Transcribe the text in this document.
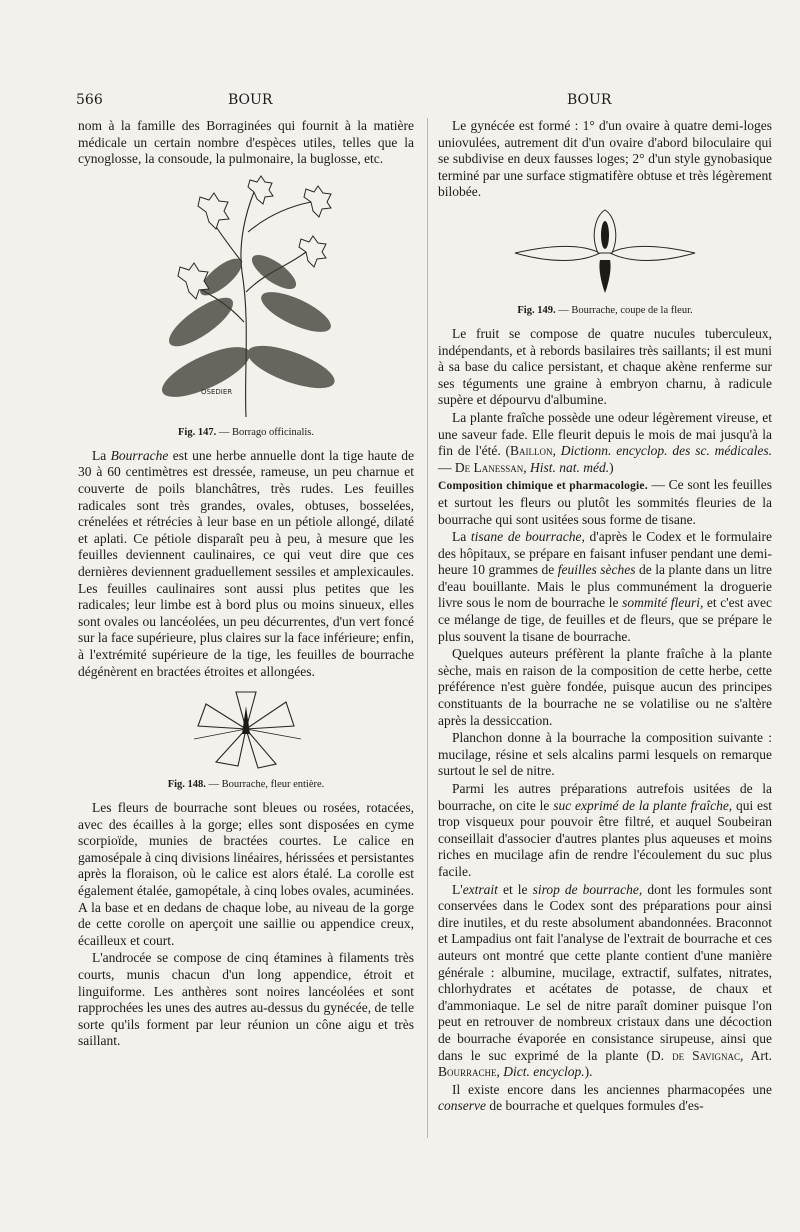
566	BOUR	BOUR

nom à la famille des Borraginées qui fournit à la matière médicale un certain nombre d'espèces utiles, telles que la cynoglosse, la consoude, la pulmonaire, la buglosse, etc.

OSEDIER
Fig. 147. — Borrago officinalis.

La Bourrache est une herbe annuelle dont la tige haute de 30 à 60 centimètres est dressée, rameuse, un peu charnue et couverte de poils blanchâtres, très rudes. Les feuilles radicales sont très grandes, ovales, obtuses, bosselées, crénelées et rétrécies à leur base en un pétiole allongé, dilaté et aplati. Ce pétiole disparaît peu à peu, à mesure que les feuilles deviennent caulinaires, ce qui veut dire que ces dernières deviennent graduellement sessiles et amplexicaules. Les feuilles caulinaires sont aussi plus petites que les radicales; leur limbe est à bord plus ou moins sinueux, elles sont ovales ou lancéolées, un peu décurrentes, d'un vert foncé sur la face supérieure, plus claires sur la face inférieure; enfin, à l'extrémité supérieure de la tige, les feuilles de bourrache dégénèrent en bractées étroites et allongées.

Fig. 148. — Bourrache, fleur entière.

Les fleurs de bourrache sont bleues ou rosées, rotacées, avec des écailles à la gorge; elles sont disposées en cyme scorpioïde, munies de bractées courtes. Le calice en gamosépale à cinq divisions linéaires, hérissées et persistantes après la floraison, où le calice est alors étalé. La corolle est également étalée, gamopétale, à cinq lobes ovales, acuminées. A la base et en dedans de chaque lobe, au niveau de la gorge de cette corolle on aperçoit une saillie ou appendice creux, écailleux et court.

L'androcée se compose de cinq étamines à filaments très courts, munis chacun d'un long appendice, étroit et linguiforme. Les anthères sont noires lancéolées et sont rapprochées les unes des autres au-dessus du gynécée, de telle sorte qu'ils forment par leur réunion un cône aigu et très saillant.

Le gynécée est formé : 1° d'un ovaire à quatre demi-loges uniovulées, autrement dit d'un ovaire d'abord biloculaire qui se subdivise en deux fausses loges; 2° d'un style gynobasique terminé par une surface stigmatifère obtuse et très légèrement bilobée.

Fig. 149. — Bourrache, coupe de la fleur.

Le fruit se compose de quatre nucules tuberculeux, indépendants, et à rebords basilaires très saillants; il est muni à sa base du calice persistant, et chaque akène renferme sur ses téguments une graine à embryon charnu, à radicule supère et dépourvu d'albumine.

La plante fraîche possède une odeur légèrement vireuse, et une saveur fade. Elle fleurit depuis le mois de mai jusqu'à la fin de l'été. (Baillon, Dictionn. encyclop. des sc. médicales. — De Lanessan, Hist. nat. méd.)

Composition chimique et pharmacologie. — Ce sont les feuilles et surtout les fleurs ou plutôt les sommités fleuries de la bourrache qui sont usitées sous forme de tisane.

La tisane de bourrache, d'après le Codex et le formulaire des hôpitaux, se prépare en faisant infuser pendant une demi-heure 10 grammes de feuilles sèches de la plante dans un litre d'eau bouillante. Mais le plus communément la droguerie livre sous le nom de bourrache le sommité fleuri, et c'est avec ce mélange de tige, de feuilles et de fleurs, que se prépare le plus souvent la tisane de bourrache.

Quelques auteurs préfèrent la plante fraîche à la plante sèche, mais en raison de la composition de cette herbe, cette préférence n'est guère fondée, puisque aucun des principes constituants de la bourrache ne se volatilise ou ne s'altère après la dessiccation.

Planchon donne à la bourrache la composition suivante : mucilage, résine et sels alcalins parmi lesquels on remarque surtout le sel de nitre.

Parmi les autres préparations autrefois usitées de la bourrache, on cite le suc exprimé de la plante fraîche, qui est trop visqueux pour pouvoir être filtré, et auquel Soubeiran conseillait d'associer d'autres plantes plus aqueuses et moins riches en mucilage afin de rendre l'écoulement du suc plus facile.

L'extrait et le sirop de bourrache, dont les formules sont conservées dans le Codex sont des préparations pour ainsi dire inutiles, et du reste absolument abandonnées. Braconnot et Lampadius ont fait l'analyse de l'extrait de bourrache et ces auteurs ont montré que cette plante contient d'une manière générale : albumine, mucilage, extractif, sulfates, nitrates, chlorhydrates et acétates de potasse, de chaux et d'ammoniaque. Le sel de nitre paraît dominer puisque l'on peut en retrouver de nombreux cristaux dans une décoction de bourrache évaporée en consistance sirupeuse, ainsi que dans le suc exprimé de la plante (D. de Savignac, Art. Bourrache, Dict. encyclop.).

Il existe encore dans les anciennes pharmacopées une conserve de bourrache et quelques formules d'es-
